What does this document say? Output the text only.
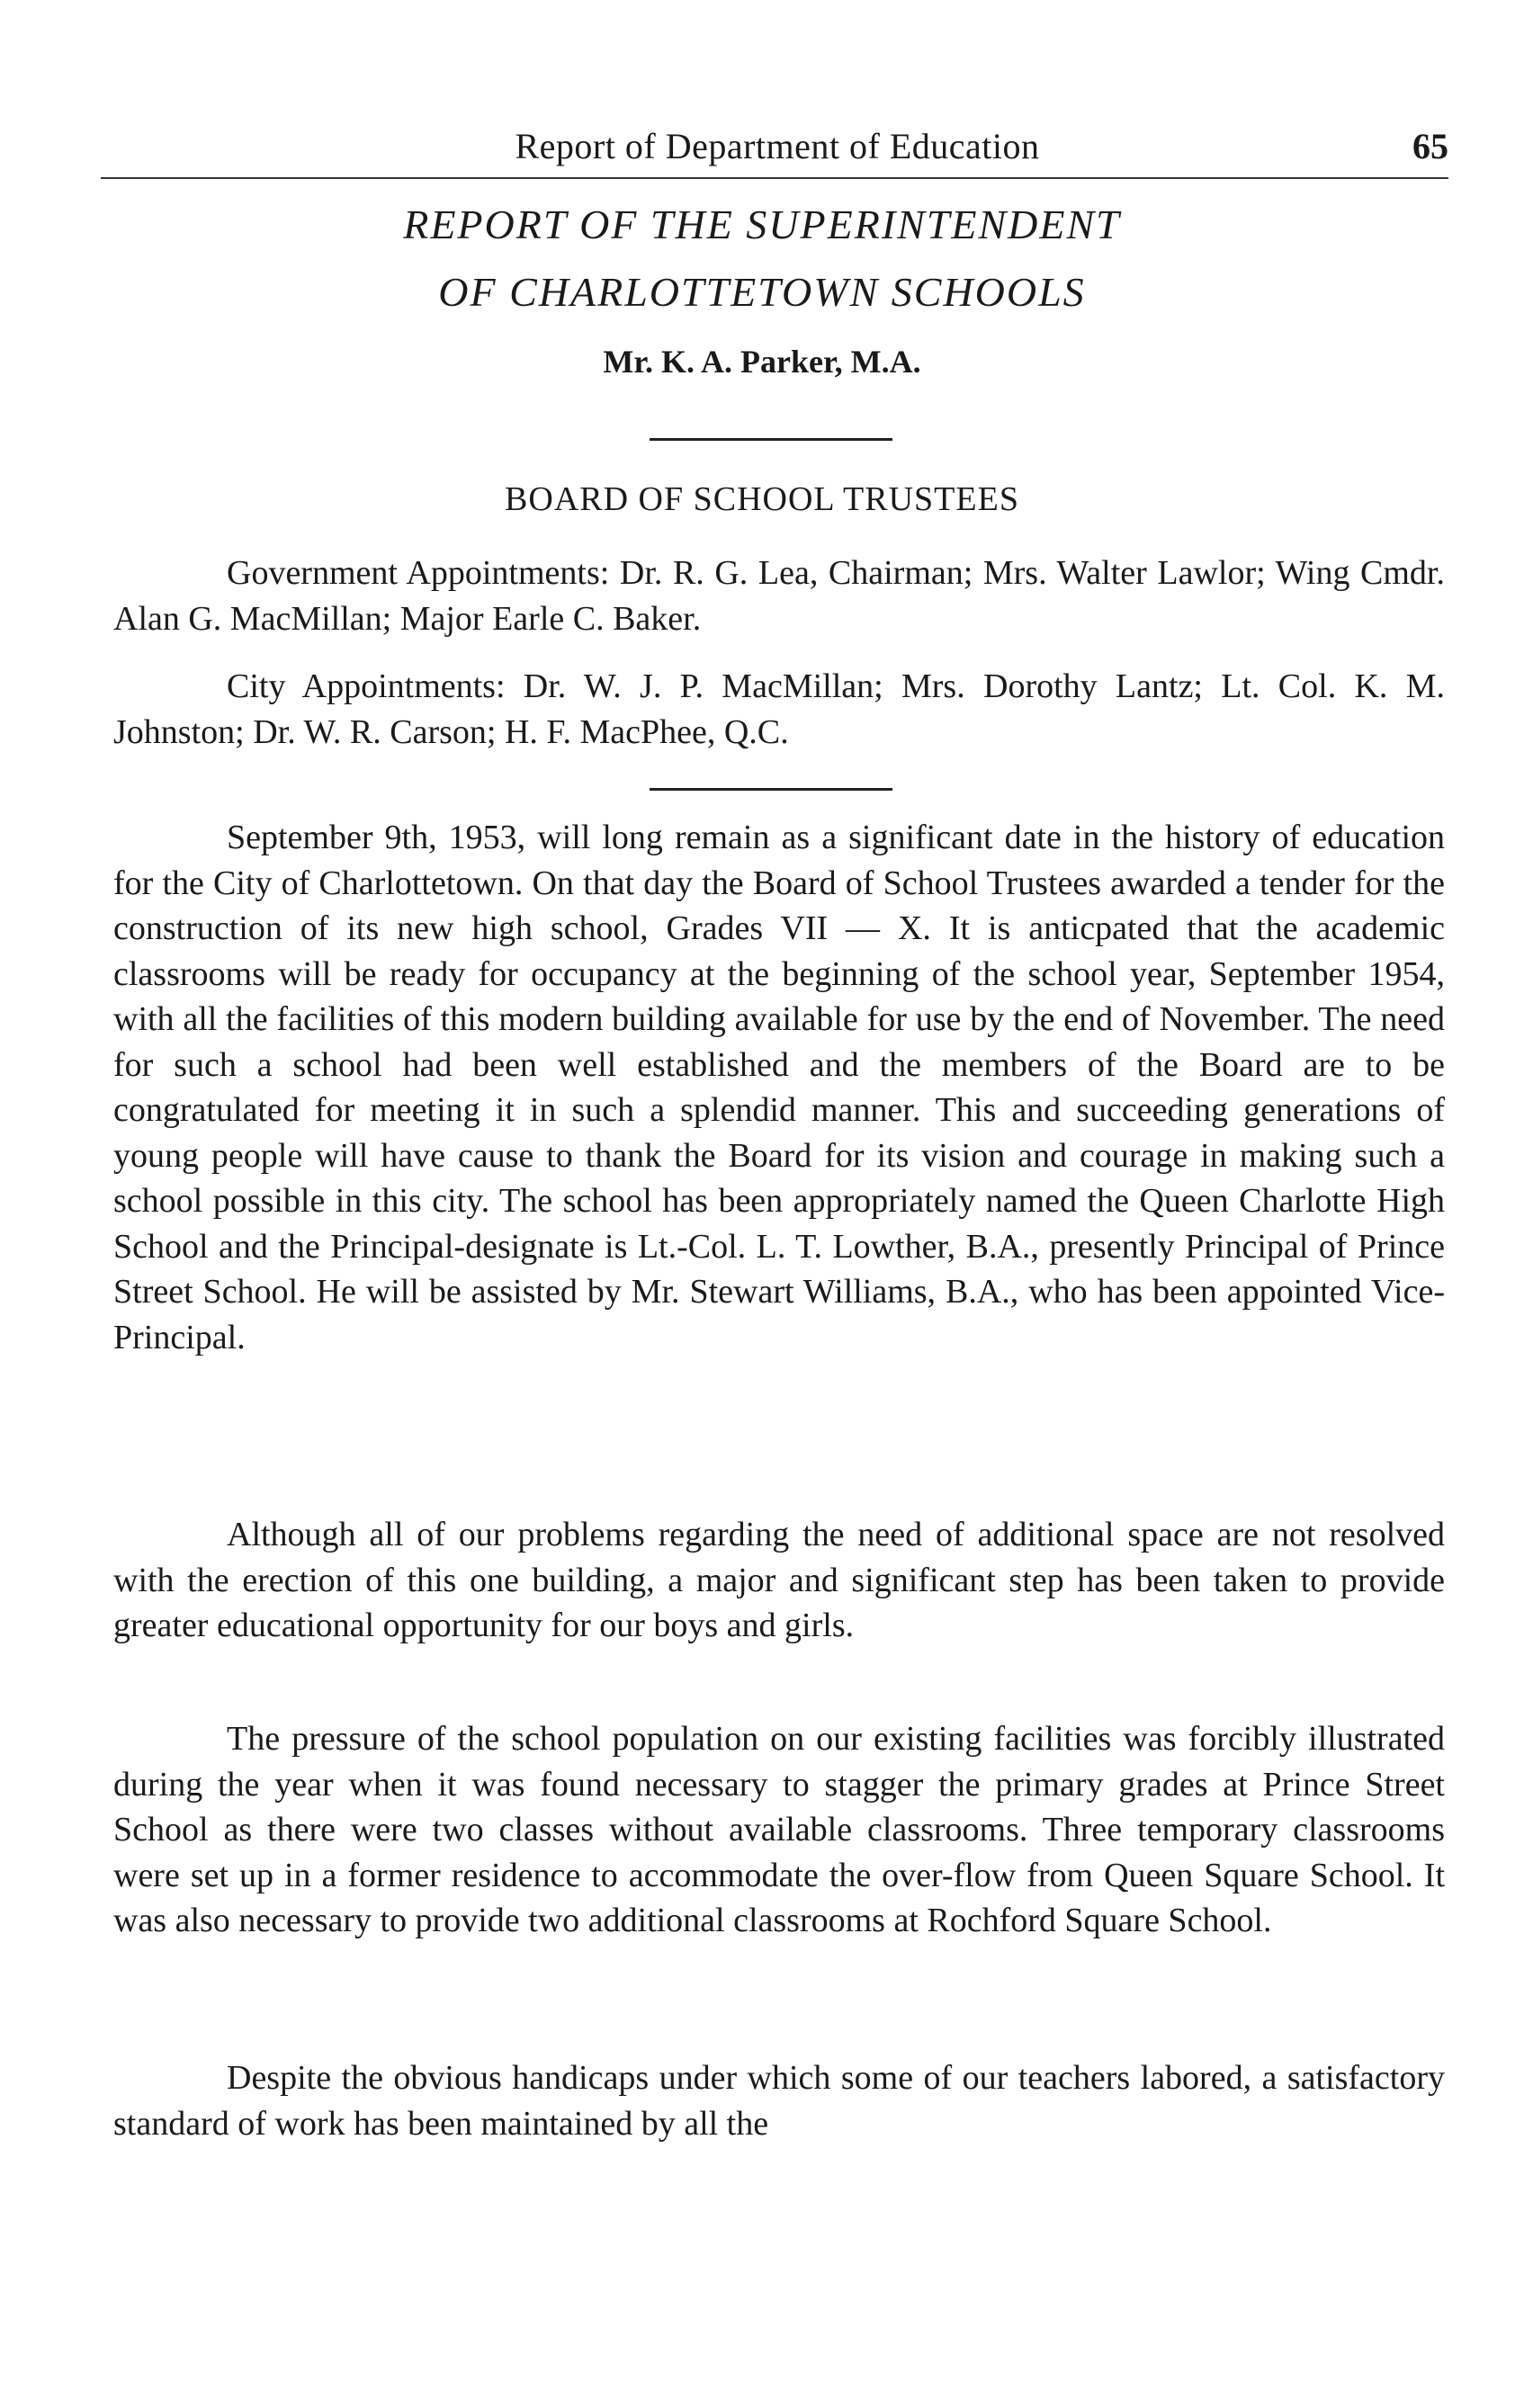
Report of Department of Education	65
REPORT OF THE SUPERINTENDENT
OF CHARLOTTETOWN SCHOOLS
Mr. K. A. Parker, M.A.
BOARD OF SCHOOL TRUSTEES
Government Appointments: Dr. R. G. Lea, Chairman; Mrs. Walter Lawlor; Wing Cmdr. Alan G. MacMillan; Major Earle C. Baker.
City Appointments: Dr. W. J. P. MacMillan; Mrs. Dorothy Lantz; Lt. Col. K. M. Johnston; Dr. W. R. Carson; H. F. MacPhee, Q.C.
September 9th, 1953, will long remain as a significant date in the history of education for the City of Charlottetown. On that day the Board of School Trustees awarded a tender for the construction of its new high school, Grades VII — X. It is anticpated that the academic classrooms will be ready for occupancy at the beginning of the school year, September 1954, with all the facilities of this modern building available for use by the end of November. The need for such a school had been well established and the members of the Board are to be congratulated for meeting it in such a splendid manner. This and succeeding generations of young people will have cause to thank the Board for its vision and courage in making such a school possible in this city. The school has been appropriately named the Queen Charlotte High School and the Principal-designate is Lt.-Col. L. T. Lowther, B.A., presently Principal of Prince Street School. He will be assisted by Mr. Stewart Williams, B.A., who has been appointed Vice-Principal.
Although all of our problems regarding the need of additional space are not resolved with the erection of this one building, a major and significant step has been taken to provide greater educational opportunity for our boys and girls.
The pressure of the school population on our existing facilities was forcibly illustrated during the year when it was found necessary to stagger the primary grades at Prince Street School as there were two classes without available classrooms. Three temporary classrooms were set up in a former residence to accommodate the over-flow from Queen Square School. It was also necessary to provide two additional classrooms at Rochford Square School.
Despite the obvious handicaps under which some of our teachers labored, a satisfactory standard of work has been maintained by all the
